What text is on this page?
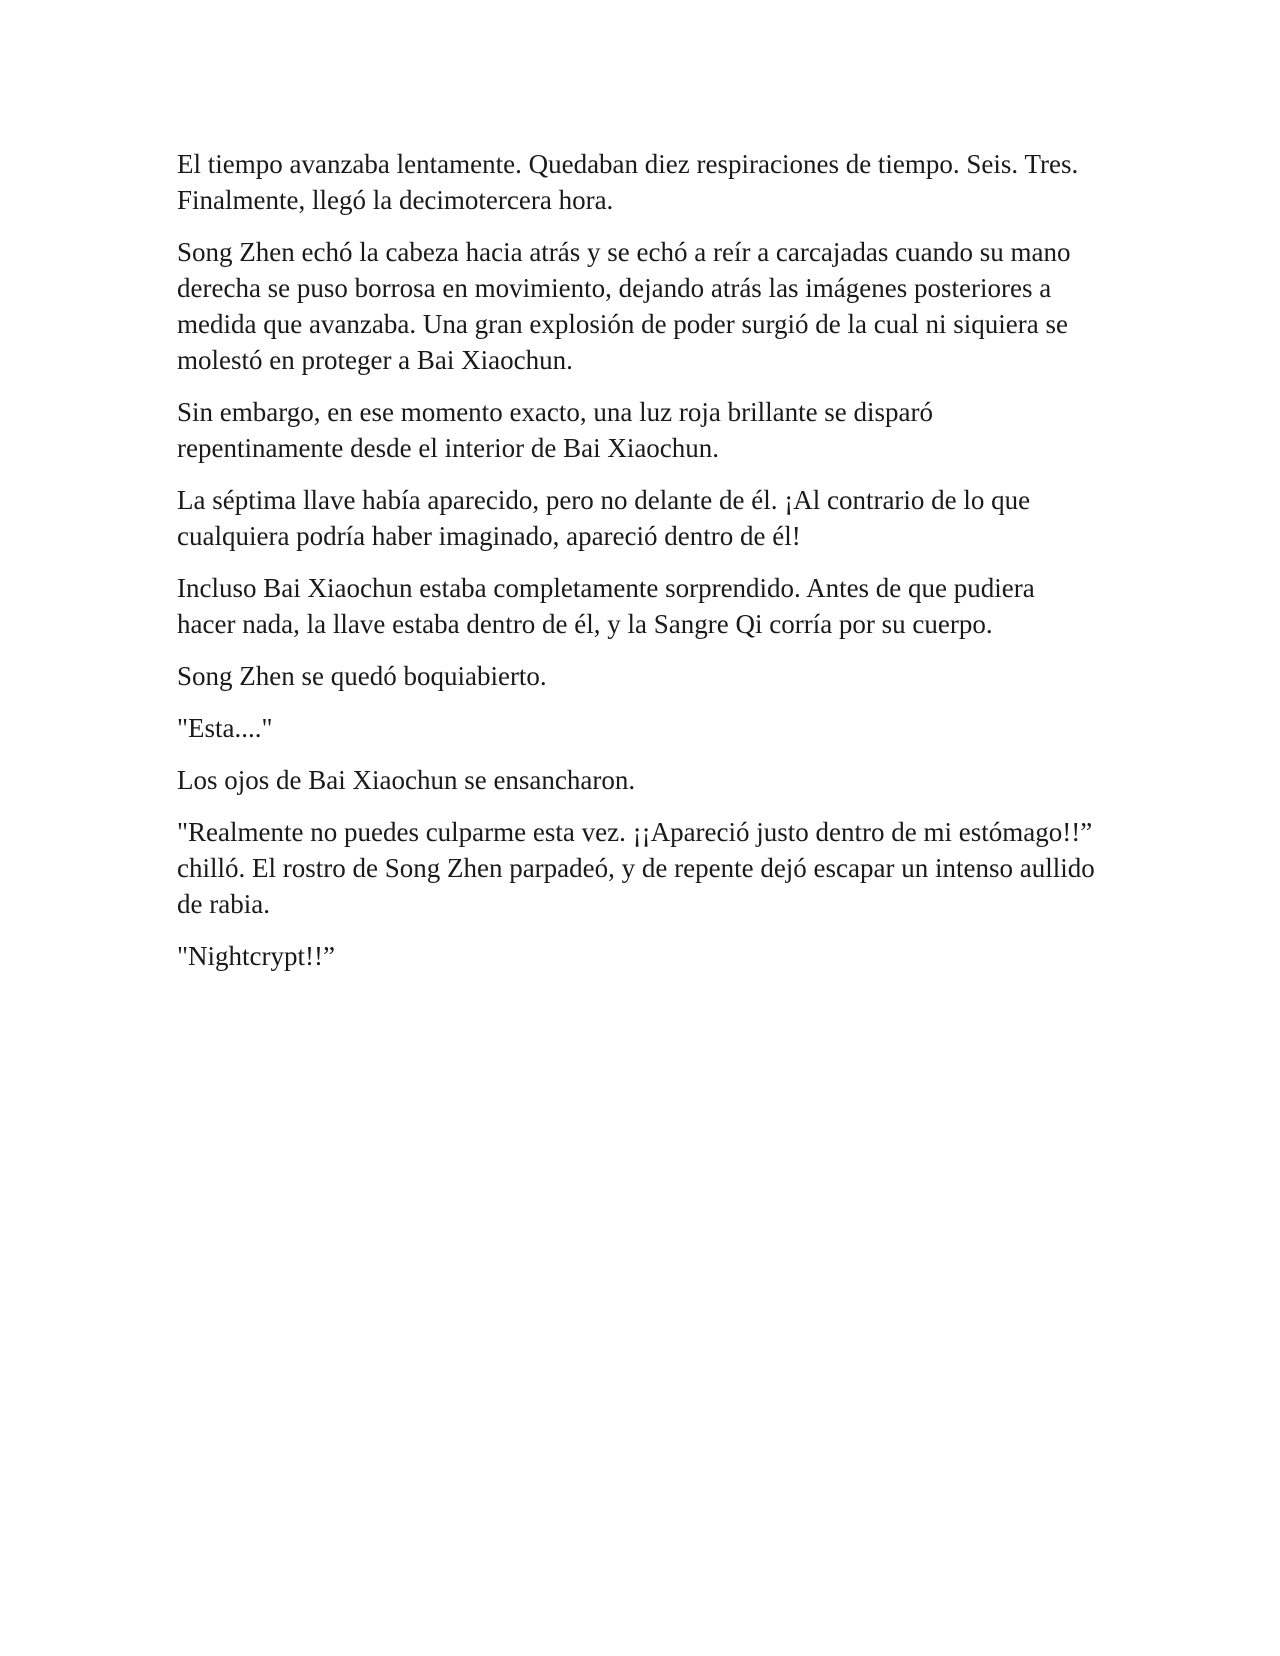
El tiempo avanzaba lentamente. Quedaban diez respiraciones de tiempo. Seis. Tres. Finalmente, llegó la decimotercera hora.

Song Zhen echó la cabeza hacia atrás y se echó a reír a carcajadas cuando su mano derecha se puso borrosa en movimiento, dejando atrás las imágenes posteriores a medida que avanzaba. Una gran explosión de poder surgió de la cual ni siquiera se molestó en proteger a Bai Xiaochun.

Sin embargo, en ese momento exacto, una luz roja brillante se disparó repentinamente desde el interior de Bai Xiaochun.

La séptima llave había aparecido, pero no delante de él. ¡Al contrario de lo que cualquiera podría haber imaginado, apareció dentro de él!

Incluso Bai Xiaochun estaba completamente sorprendido. Antes de que pudiera hacer nada, la llave estaba dentro de él, y la Sangre Qi corría por su cuerpo.

Song Zhen se quedó boquiabierto.

"Esta...."

Los ojos de Bai Xiaochun se ensancharon.

"Realmente no puedes culparme esta vez. ¡¡Apareció justo dentro de mi estómago!!” chilló. El rostro de Song Zhen parpadeó, y de repente dejó escapar un intenso aullido de rabia.

"Nightcrypt!!”
